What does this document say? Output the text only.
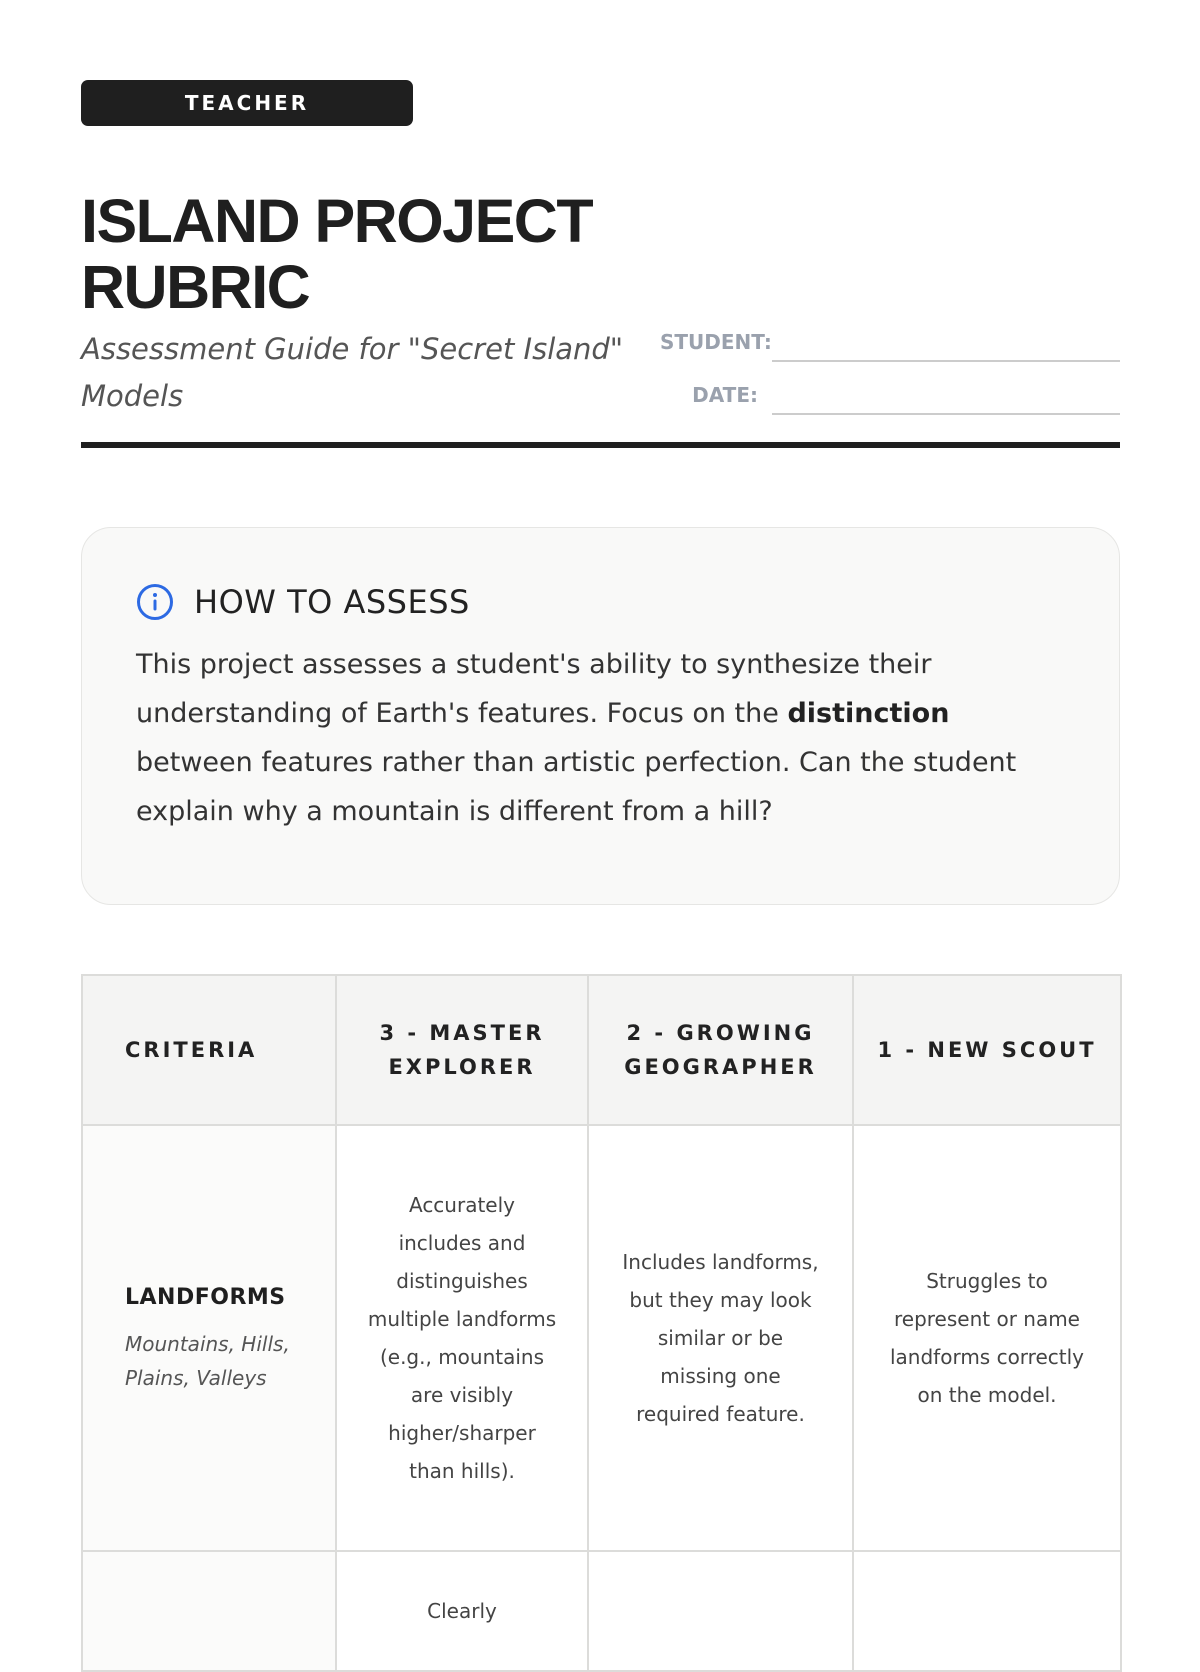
TEACHER RESOURCE
ISLAND PROJECT RUBRIC
Assessment Guide for "Secret Island" Models
STUDENT:
DATE:
HOW TO ASSESS
This project assesses a student's ability to synthesize their understanding of Earth's features. Focus on the distinction between features rather than artistic perfection. Can the student explain why a mountain is different from a hill?
CRITERIA	3 - MASTER EXPLORER	2 - GROWING GEOGRAPHER	1 - NEW SCOUT

LANDFORMS
Mountains, Hills, Plains, Valleys	Accurately includes and distinguishes multiple landforms (e.g., mountains are visibly higher/sharper than hills).	Includes landforms, but they may look similar or be missing one required feature.	Struggles to represent or name landforms correctly on the model.
	Clearly		
